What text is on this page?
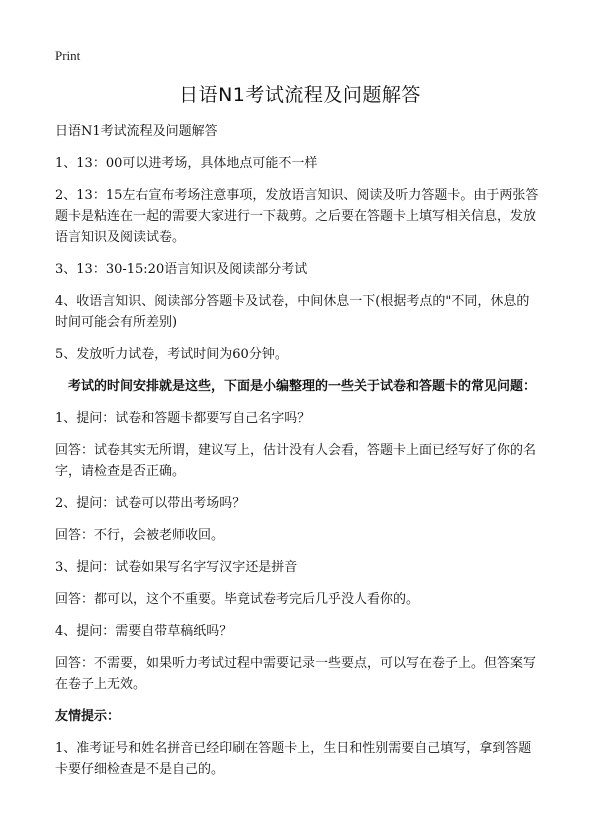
Print
日语N1考试流程及问题解答

日语N1考试流程及问题解答

1、13：00可以进考场，具体地点可能不一样

2、13：15左右宣布考场注意事项，发放语言知识、阅读及听力答题卡。由于两张答题卡是粘连在一起的需要大家进行一下裁剪。之后要在答题卡上填写相关信息，发放语言知识及阅读试卷。

3、13：30-15:20语言知识及阅读部分考试

4、收语言知识、阅读部分答题卡及试卷，中间休息一下(根据考点的"不同，休息的时间可能会有所差别)

5、发放听力试卷，考试时间为60分钟。

考试的时间安排就是这些，下面是小编整理的一些关于试卷和答题卡的常见问题：

1、提问：试卷和答题卡都要写自己名字吗？

回答：试卷其实无所谓，建议写上，估计没有人会看，答题卡上面已经写好了你的名字，请检查是否正确。

2、提问：试卷可以带出考场吗？

回答：不行，会被老师收回。

3、提问：试卷如果写名字写汉字还是拼音

回答：都可以，这个不重要。毕竟试卷考完后几乎没人看你的。

4、提问：需要自带草稿纸吗？

回答：不需要，如果听力考试过程中需要记录一些要点，可以写在卷子上。但答案写在卷子上无效。

友情提示：

1、准考证号和姓名拼音已经印刷在答题卡上，生日和性别需要自己填写，拿到答题卡要仔细检查是不是自己的。
